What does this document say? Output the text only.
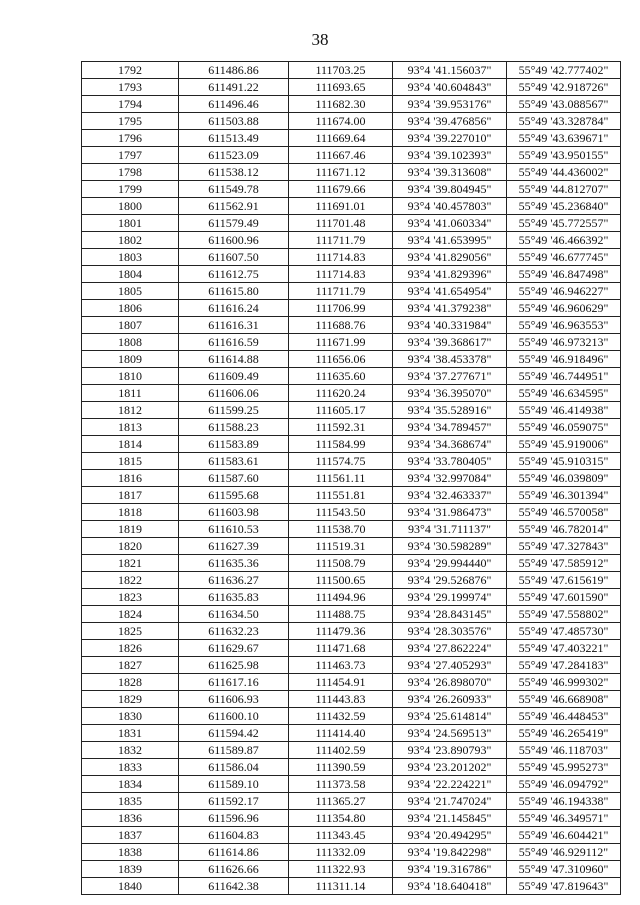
38
1792	611486.86	111703.25	93°4 '41.156037"	55°49 '42.777402"
1793	611491.22	111693.65	93°4 '40.604843"	55°49 '42.918726"
1794	611496.46	111682.30	93°4 '39.953176"	55°49 '43.088567"
1795	611503.88	111674.00	93°4 '39.476856"	55°49 '43.328784"
1796	611513.49	111669.64	93°4 '39.227010"	55°49 '43.639671"
1797	611523.09	111667.46	93°4 '39.102393"	55°49 '43.950155"
1798	611538.12	111671.12	93°4 '39.313608"	55°49 '44.436002"
1799	611549.78	111679.66	93°4 '39.804945"	55°49 '44.812707"
1800	611562.91	111691.01	93°4 '40.457803"	55°49 '45.236840"
1801	611579.49	111701.48	93°4 '41.060334"	55°49 '45.772557"
1802	611600.96	111711.79	93°4 '41.653995"	55°49 '46.466392"
1803	611607.50	111714.83	93°4 '41.829056"	55°49 '46.677745"
1804	611612.75	111714.83	93°4 '41.829396"	55°49 '46.847498"
1805	611615.80	111711.79	93°4 '41.654954"	55°49 '46.946227"
1806	611616.24	111706.99	93°4 '41.379238"	55°49 '46.960629"
1807	611616.31	111688.76	93°4 '40.331984"	55°49 '46.963553"
1808	611616.59	111671.99	93°4 '39.368617"	55°49 '46.973213"
1809	611614.88	111656.06	93°4 '38.453378"	55°49 '46.918496"
1810	611609.49	111635.60	93°4 '37.277671"	55°49 '46.744951"
1811	611606.06	111620.24	93°4 '36.395070"	55°49 '46.634595"
1812	611599.25	111605.17	93°4 '35.528916"	55°49 '46.414938"
1813	611588.23	111592.31	93°4 '34.789457"	55°49 '46.059075"
1814	611583.89	111584.99	93°4 '34.368674"	55°49 '45.919006"
1815	611583.61	111574.75	93°4 '33.780405"	55°49 '45.910315"
1816	611587.60	111561.11	93°4 '32.997084"	55°49 '46.039809"
1817	611595.68	111551.81	93°4 '32.463337"	55°49 '46.301394"
1818	611603.98	111543.50	93°4 '31.986473"	55°49 '46.570058"
1819	611610.53	111538.70	93°4 '31.711137"	55°49 '46.782014"
1820	611627.39	111519.31	93°4 '30.598289"	55°49 '47.327843"
1821	611635.36	111508.79	93°4 '29.994440"	55°49 '47.585912"
1822	611636.27	111500.65	93°4 '29.526876"	55°49 '47.615619"
1823	611635.83	111494.96	93°4 '29.199974"	55°49 '47.601590"
1824	611634.50	111488.75	93°4 '28.843145"	55°49 '47.558802"
1825	611632.23	111479.36	93°4 '28.303576"	55°49 '47.485730"
1826	611629.67	111471.68	93°4 '27.862224"	55°49 '47.403221"
1827	611625.98	111463.73	93°4 '27.405293"	55°49 '47.284183"
1828	611617.16	111454.91	93°4 '26.898070"	55°49 '46.999302"
1829	611606.93	111443.83	93°4 '26.260933"	55°49 '46.668908"
1830	611600.10	111432.59	93°4 '25.614814"	55°49 '46.448453"
1831	611594.42	111414.40	93°4 '24.569513"	55°49 '46.265419"
1832	611589.87	111402.59	93°4 '23.890793"	55°49 '46.118703"
1833	611586.04	111390.59	93°4 '23.201202"	55°49 '45.995273"
1834	611589.10	111373.58	93°4 '22.224221"	55°49 '46.094792"
1835	611592.17	111365.27	93°4 '21.747024"	55°49 '46.194338"
1836	611596.96	111354.80	93°4 '21.145845"	55°49 '46.349571"
1837	611604.83	111343.45	93°4 '20.494295"	55°49 '46.604421"
1838	611614.86	111332.09	93°4 '19.842298"	55°49 '46.929112"
1839	611626.66	111322.93	93°4 '19.316786"	55°49 '47.310960"
1840	611642.38	111311.14	93°4 '18.640418"	55°49 '47.819643"
